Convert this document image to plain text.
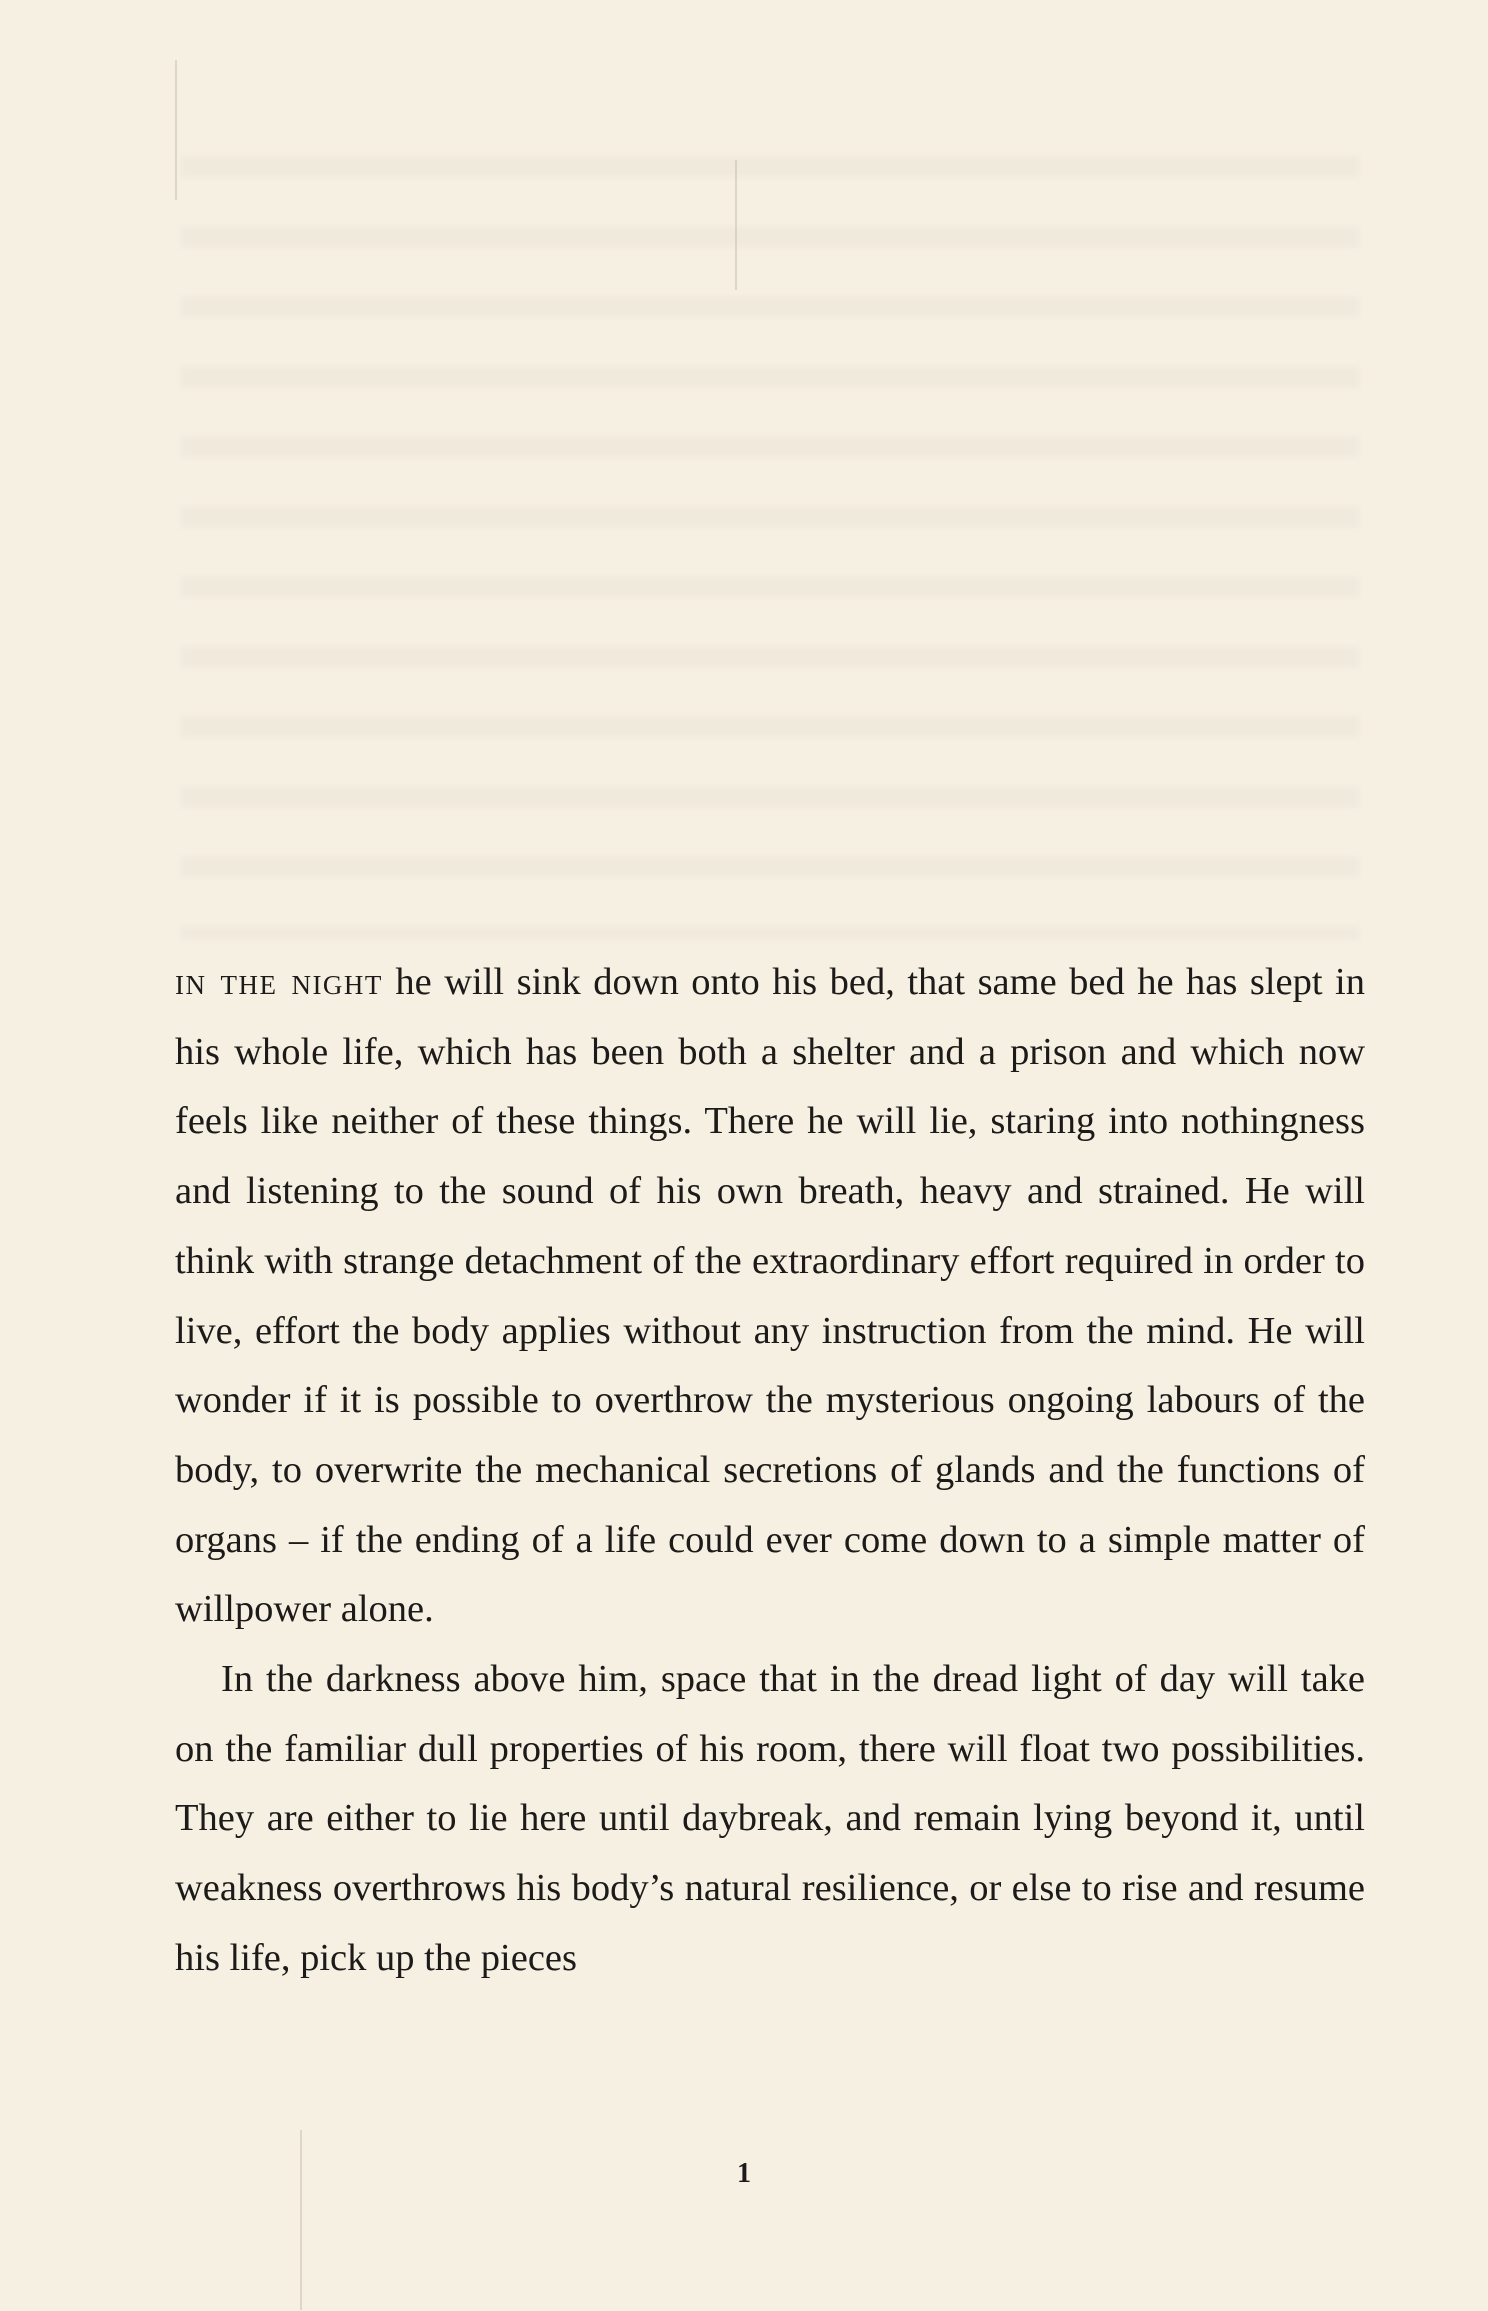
in the night he will sink down onto his bed, that same bed he has slept in his whole life, which has been both a shelter and a prison and which now feels like neither of these things. There he will lie, staring into nothingness and listening to the sound of his own breath, heavy and strained. He will think with strange detachment of the extraordinary effort required in order to live, effort the body applies without any instruction from the mind. He will wonder if it is possible to overthrow the mysterious ongoing labours of the body, to overwrite the mechanical secretions of glands and the functions of organs – if the ending of a life could ever come down to a simple matter of willpower alone.

In the darkness above him, space that in the dread light of day will take on the familiar dull properties of his room, there will float two possibilities. They are either to lie here until daybreak, and remain lying beyond it, until weakness overthrows his body’s natural resilience, or else to rise and resume his life, pick up the pieces

1
